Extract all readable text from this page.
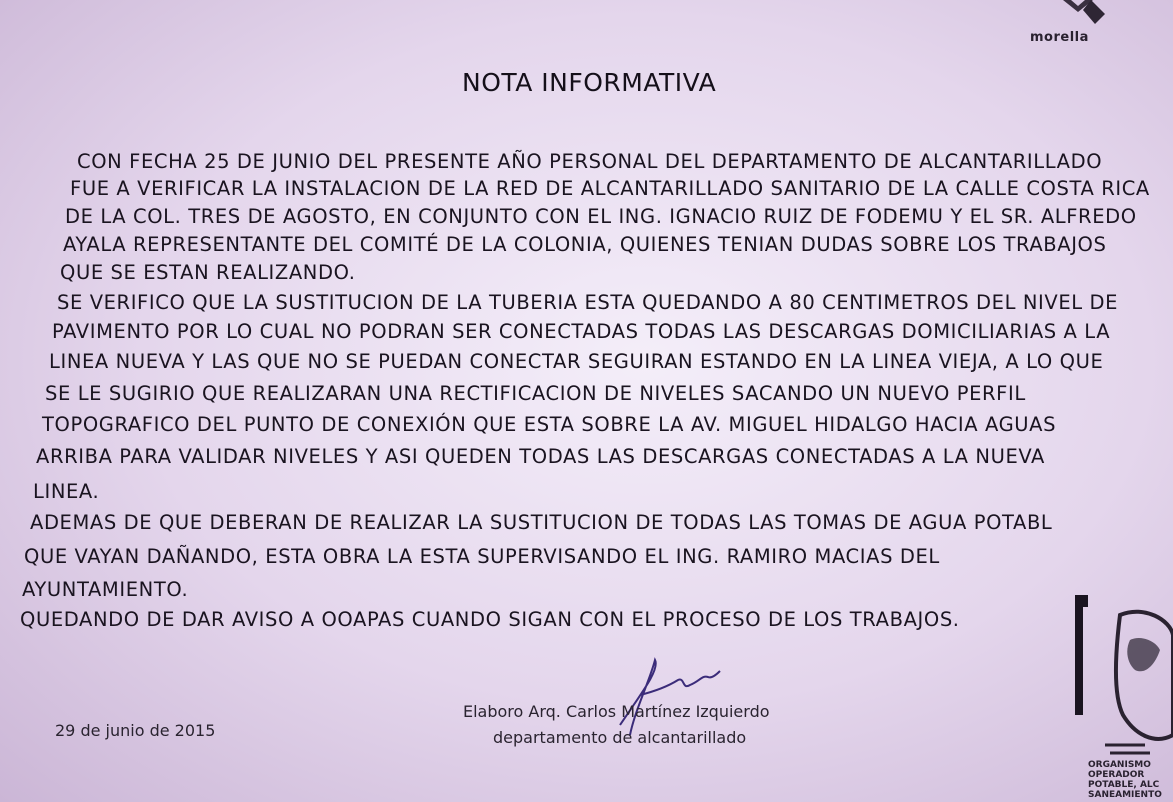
morella
NOTA INFORMATIVA
CON FECHA 25 DE JUNIO DEL PRESENTE AÑO PERSONAL DEL DEPARTAMENTO DE ALCANTARILLADO
FUE A VERIFICAR LA INSTALACION DE LA RED DE ALCANTARILLADO SANITARIO DE LA CALLE COSTA RICA
DE LA COL. TRES DE AGOSTO, EN CONJUNTO CON EL ING. IGNACIO RUIZ DE FODEMU Y EL SR. ALFREDO
AYALA REPRESENTANTE DEL COMITÉ DE LA COLONIA, QUIENES TENIAN DUDAS SOBRE LOS TRABAJOS
QUE SE ESTAN REALIZANDO.
SE VERIFICO QUE LA SUSTITUCION DE LA TUBERIA ESTA QUEDANDO A 80 CENTIMETROS DEL NIVEL DE
PAVIMENTO POR LO CUAL NO PODRAN SER CONECTADAS TODAS LAS DESCARGAS DOMICILIARIAS A LA
LINEA NUEVA Y LAS QUE NO SE PUEDAN CONECTAR SEGUIRAN ESTANDO EN LA LINEA VIEJA, A LO QUE
SE LE SUGIRIO QUE REALIZARAN UNA RECTIFICACION DE NIVELES SACANDO UN NUEVO PERFIL
TOPOGRAFICO DEL PUNTO DE CONEXIÓN QUE ESTA SOBRE LA AV. MIGUEL HIDALGO HACIA AGUAS
ARRIBA PARA VALIDAR NIVELES Y ASI QUEDEN TODAS LAS DESCARGAS CONECTADAS A LA NUEVA
LINEA.
ADEMAS DE QUE DEBERAN DE REALIZAR LA SUSTITUCION DE TODAS LAS TOMAS DE AGUA POTABL
QUE VAYAN DAÑANDO, ESTA OBRA LA ESTA SUPERVISANDO EL ING. RAMIRO MACIAS DEL
AYUNTAMIENTO.
QUEDANDO DE DAR AVISO A OOAPAS CUANDO SIGAN CON EL PROCESO DE LOS TRABAJOS.
29 de junio de 2015
Elaboro Arq. Carlos Martínez Izquierdo
departamento de alcantarillado
ORGANISMO OPERADOR
POTABLE, ALC
SANEAMIENTO
